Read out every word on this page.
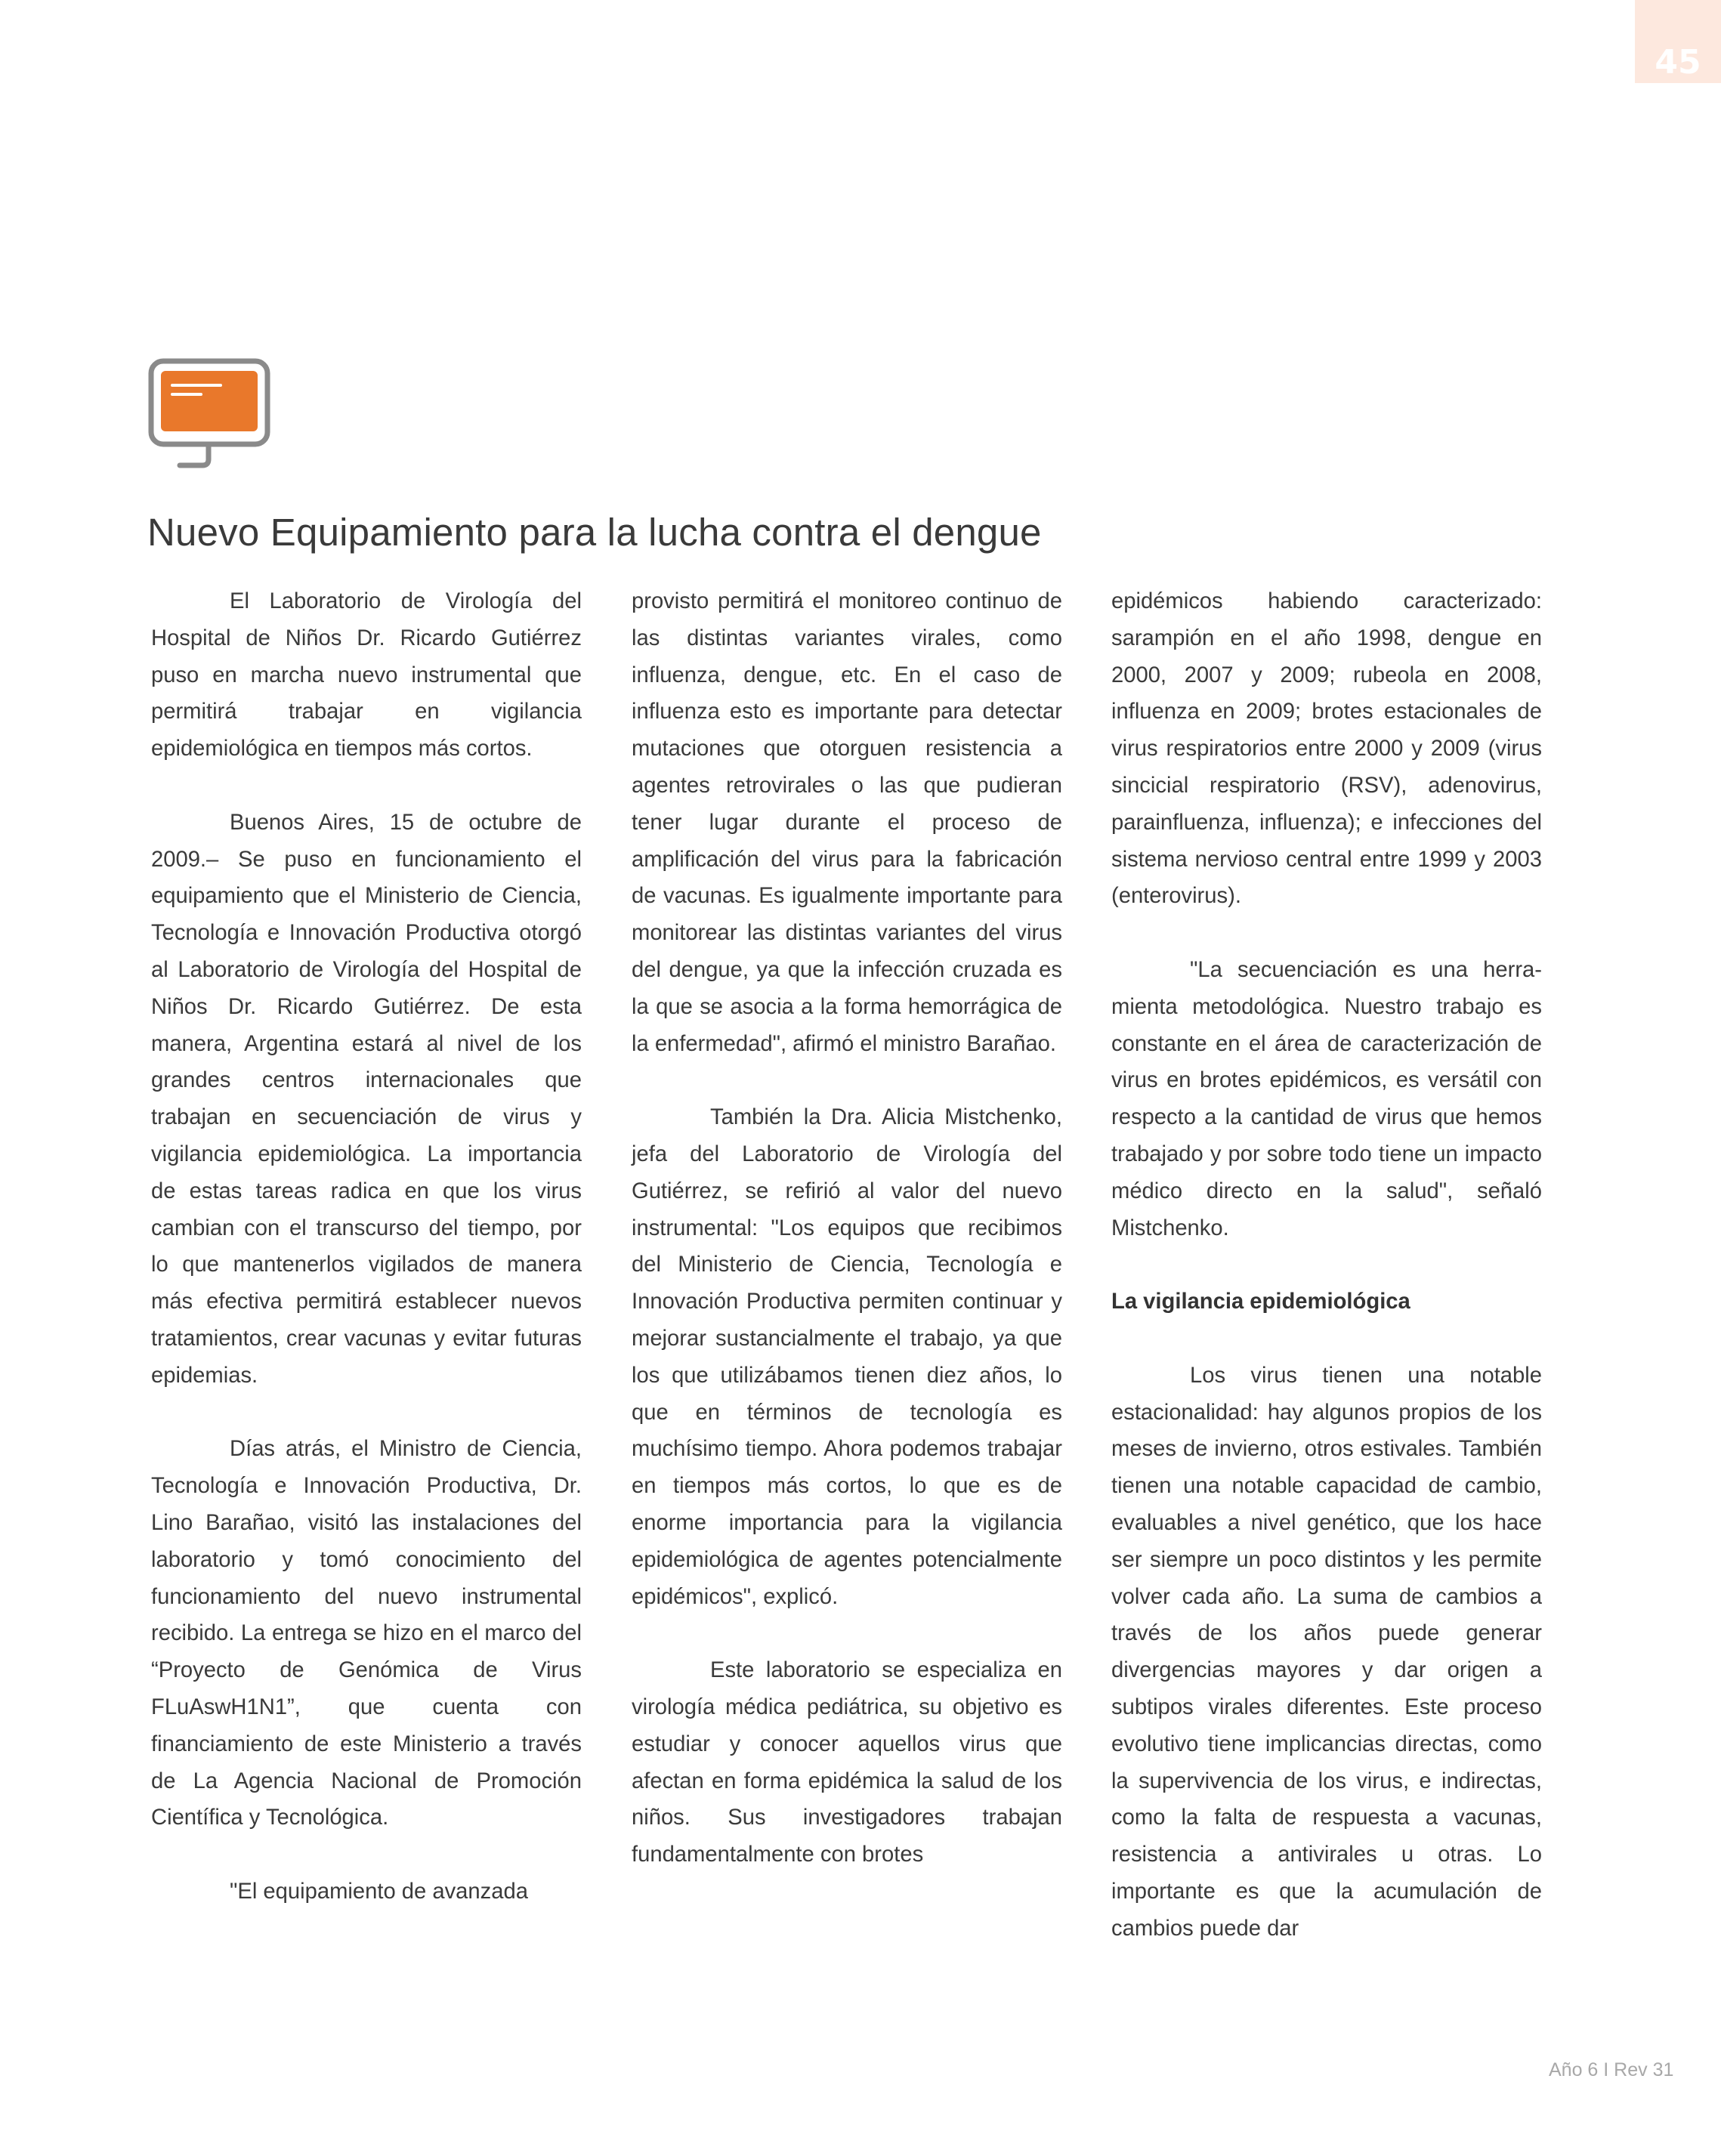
45
Nuevo Equipamiento para la lucha contra el dengue

El Laboratorio de Virología del Hospital de Niños Dr. Ricardo Gutiérrez puso en marcha nuevo instrumental que permitirá trabajar en vigilancia epidemiológica en tiempos más cortos.

Buenos Aires, 15 de octubre de 2009.– Se puso en funcionamiento el equipamiento que el Ministerio de Ciencia, Tecnología e Innovación Productiva otorgó al Laboratorio de Virología del Hospital de Niños Dr. Ricardo Gutiérrez. De esta manera, Argentina estará al nivel de los grandes centros internacionales que trabajan en secuenciación de virus y vigilancia epidemiológica. La importancia de estas tareas radica en que los virus cambian con el transcurso del tiempo, por lo que mantenerlos vigilados de manera más efectiva permitirá establecer nuevos tratamientos, crear vacunas y evitar futuras epidemias.

Días atrás, el Ministro de Ciencia, Tecnología e Innovación Productiva, Dr. Lino Barañao, visitó las instalaciones del laboratorio y tomó conocimiento del funcionamiento del nuevo instrumental recibido. La entrega se hizo en el marco del “Proyecto de Genómica de Virus FLuAswH1N1”, que cuenta con financiamiento de este Ministerio a través de La Agencia Nacional de Promoción Científica y Tecnológica.

"El equipamiento de avanzada

provisto permitirá el monitoreo continuo de las distintas variantes virales, como influenza, dengue, etc. En el caso de influenza esto es importante para detectar mutaciones que otorguen resistencia a agentes retrovirales o las que pudieran tener lugar durante el proceso de amplificación del virus para la fabricación de vacunas. Es igualmente importante para monitorear las distintas variantes del virus del dengue, ya que la infección cruzada es la que se asocia a la forma hemorrágica de la enfermedad", afirmó el ministro Barañao.

También la Dra. Alicia Mistchenko, jefa del Laboratorio de Virología del Gutiérrez, se refirió al valor del nuevo instrumental: "Los equipos que recibimos del Ministerio de Ciencia, Tecnología e Innovación Productiva permiten continuar y mejorar sustancialmente el trabajo, ya que los que utilizábamos tienen diez años, lo que en términos de tecnología es muchísimo tiempo. Ahora podemos trabajar en tiempos más cortos, lo que es de enorme importancia para la vigilancia epidemiológica de agentes potencialmente epidémicos", explicó.

Este laboratorio se especializa en virología médica pediátrica, su objetivo es estudiar y conocer aquellos virus que afectan en forma epidémica la salud de los niños. Sus investigadores trabajan fundamentalmente con brotes

epidémicos habiendo caracterizado: sarampión en el año 1998, dengue en 2000, 2007 y 2009; rubeola en 2008, influenza en 2009; brotes estacionales de virus respiratorios entre 2000 y 2009 (virus sincicial respiratorio (RSV), adenovirus, parainfluenza, influenza); e infecciones del sistema nervioso central entre 1999 y 2003 (enterovirus).

"La secuenciación es una herra-mienta metodológica. Nuestro trabajo es constante en el área de caracterización de virus en brotes epidémicos, es versátil con respecto a la cantidad de virus que hemos trabajado y por sobre todo tiene un impacto médico directo en la salud", señaló Mistchenko.

La vigilancia epidemiológica

Los virus tienen una notable estacionalidad: hay algunos propios de los meses de invierno, otros estivales. También tienen una notable capacidad de cambio, evaluables a nivel genético, que los hace ser siempre un poco distintos y les permite volver cada año. La suma de cambios a través de los años puede generar divergencias mayores y dar origen a subtipos virales diferentes. Este proceso evolutivo tiene implicancias directas, como la supervivencia de los virus, e indirectas, como la falta de respuesta a vacunas, resistencia a antivirales u otras. Lo importante es que la acumulación de cambios puede dar

Año 6 I Rev 31
